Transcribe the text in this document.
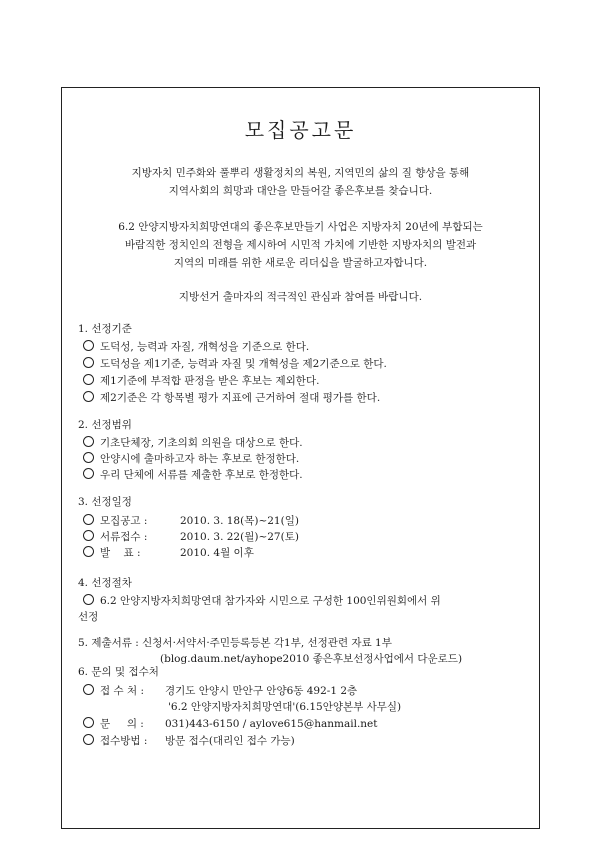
모집공고문
지방자치 민주화와 풀뿌리 생활정치의 복원, 지역민의 삶의 질 향상을 통해
지역사회의 희망과 대안을 만들어갈 좋은후보를 찾습니다.
6.2 안양지방자치희망연대의 좋은후보만들기 사업은 지방자치 20년에 부합되는
바람직한 정치인의 전형을 제시하여 시민적 가치에 기반한 지방자치의 발전과
지역의 미래를 위한 새로운 리더십을 발굴하고자합니다.
지방선거 출마자의 적극적인 관심과 참여를 바랍니다.
1. 선정기준
도덕성, 능력과 자질, 개혁성을 기준으로 한다.
도덕성을 제1기준, 능력과 자질 및 개혁성을 제2기준으로 한다.
제1기준에 부적합 판정을 받은 후보는 제외한다.
제2기준은 각 항목별 평가 지표에 근거하여 절대 평가를 한다.
2. 선정범위
기초단체장, 기초의회 의원을 대상으로 한다.
안양시에 출마하고자 하는 후보로 한정한다.
우리 단체에 서류를 제출한 후보로 한정한다.
3. 선정일정
모집공고 :	2010. 3. 18(목)~21(일)
서류접수 :	2010. 3. 22(월)~27(토)
발    표 :	2010. 4월 이후
4. 선정절차
6.2 안양지방자치희망연대 참가자와 시민으로 구성한 100인위원회에서 위
선정
5. 제출서류 : 신청서·서약서·주민등록등본 각1부, 선정관련 자료 1부
(blog.daum.net/ayhope2010 좋은후보선정사업에서 다운로드)
6. 문의 및 접수처
접 수 처 : 경기도 안양시 만안구 안양6동 492-1 2층
'6.2 안양지방자치희망연대'(6.15안양본부 사무실)
문     의 : 031)443-6150 / aylove615@hanmail.net
접수방법 : 방문 접수(대리인 접수 가능)
